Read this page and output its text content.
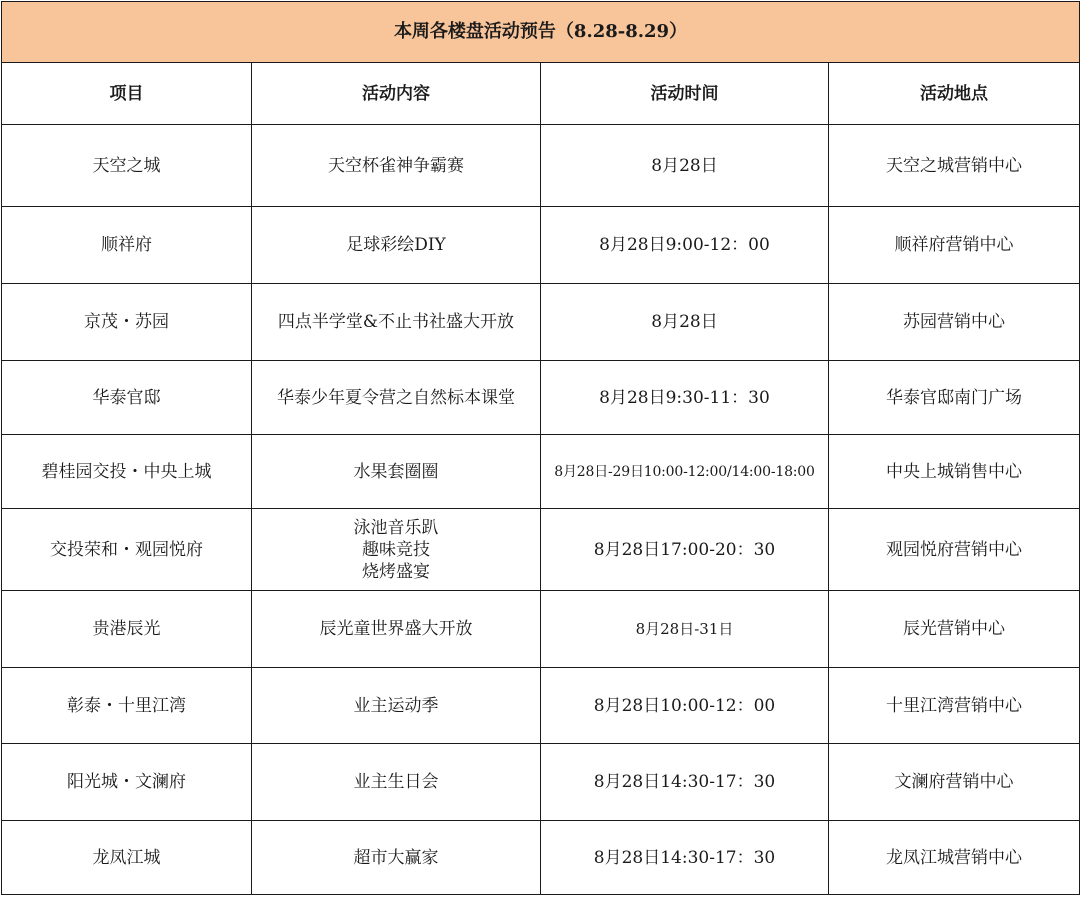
本周各楼盘活动预告（8.28-8.29）			
项目	活动内容	活动时间	活动地点
天空之城	天空杯雀神争霸赛	8月28日	天空之城营销中心
顺祥府	足球彩绘DIY	8月28日9:00-12：00	顺祥府营销中心
京茂・苏园	四点半学堂&不止书社盛大开放	8月28日	苏园营销中心
华泰官邸	华泰少年夏令营之自然标本课堂	8月28日9:30-11：30	华泰官邸南门广场
碧桂园交投・中央上城	水果套圈圈	8月28日-29日10:00-12:00/14:00-18:00	中央上城销售中心
交投荣和・观园悦府	泳池音乐趴
趣味竞技
烧烤盛宴	8月28日17:00-20：30	观园悦府营销中心
贵港辰光	辰光童世界盛大开放	8月28日-31日	辰光营销中心
彰泰・十里江湾	业主运动季	8月28日10:00-12：00	十里江湾营销中心
阳光城・文澜府	业主生日会	8月28日14:30-17：30	文澜府营销中心
龙凤江城	超市大赢家	8月28日14:30-17：30	龙凤江城营销中心
